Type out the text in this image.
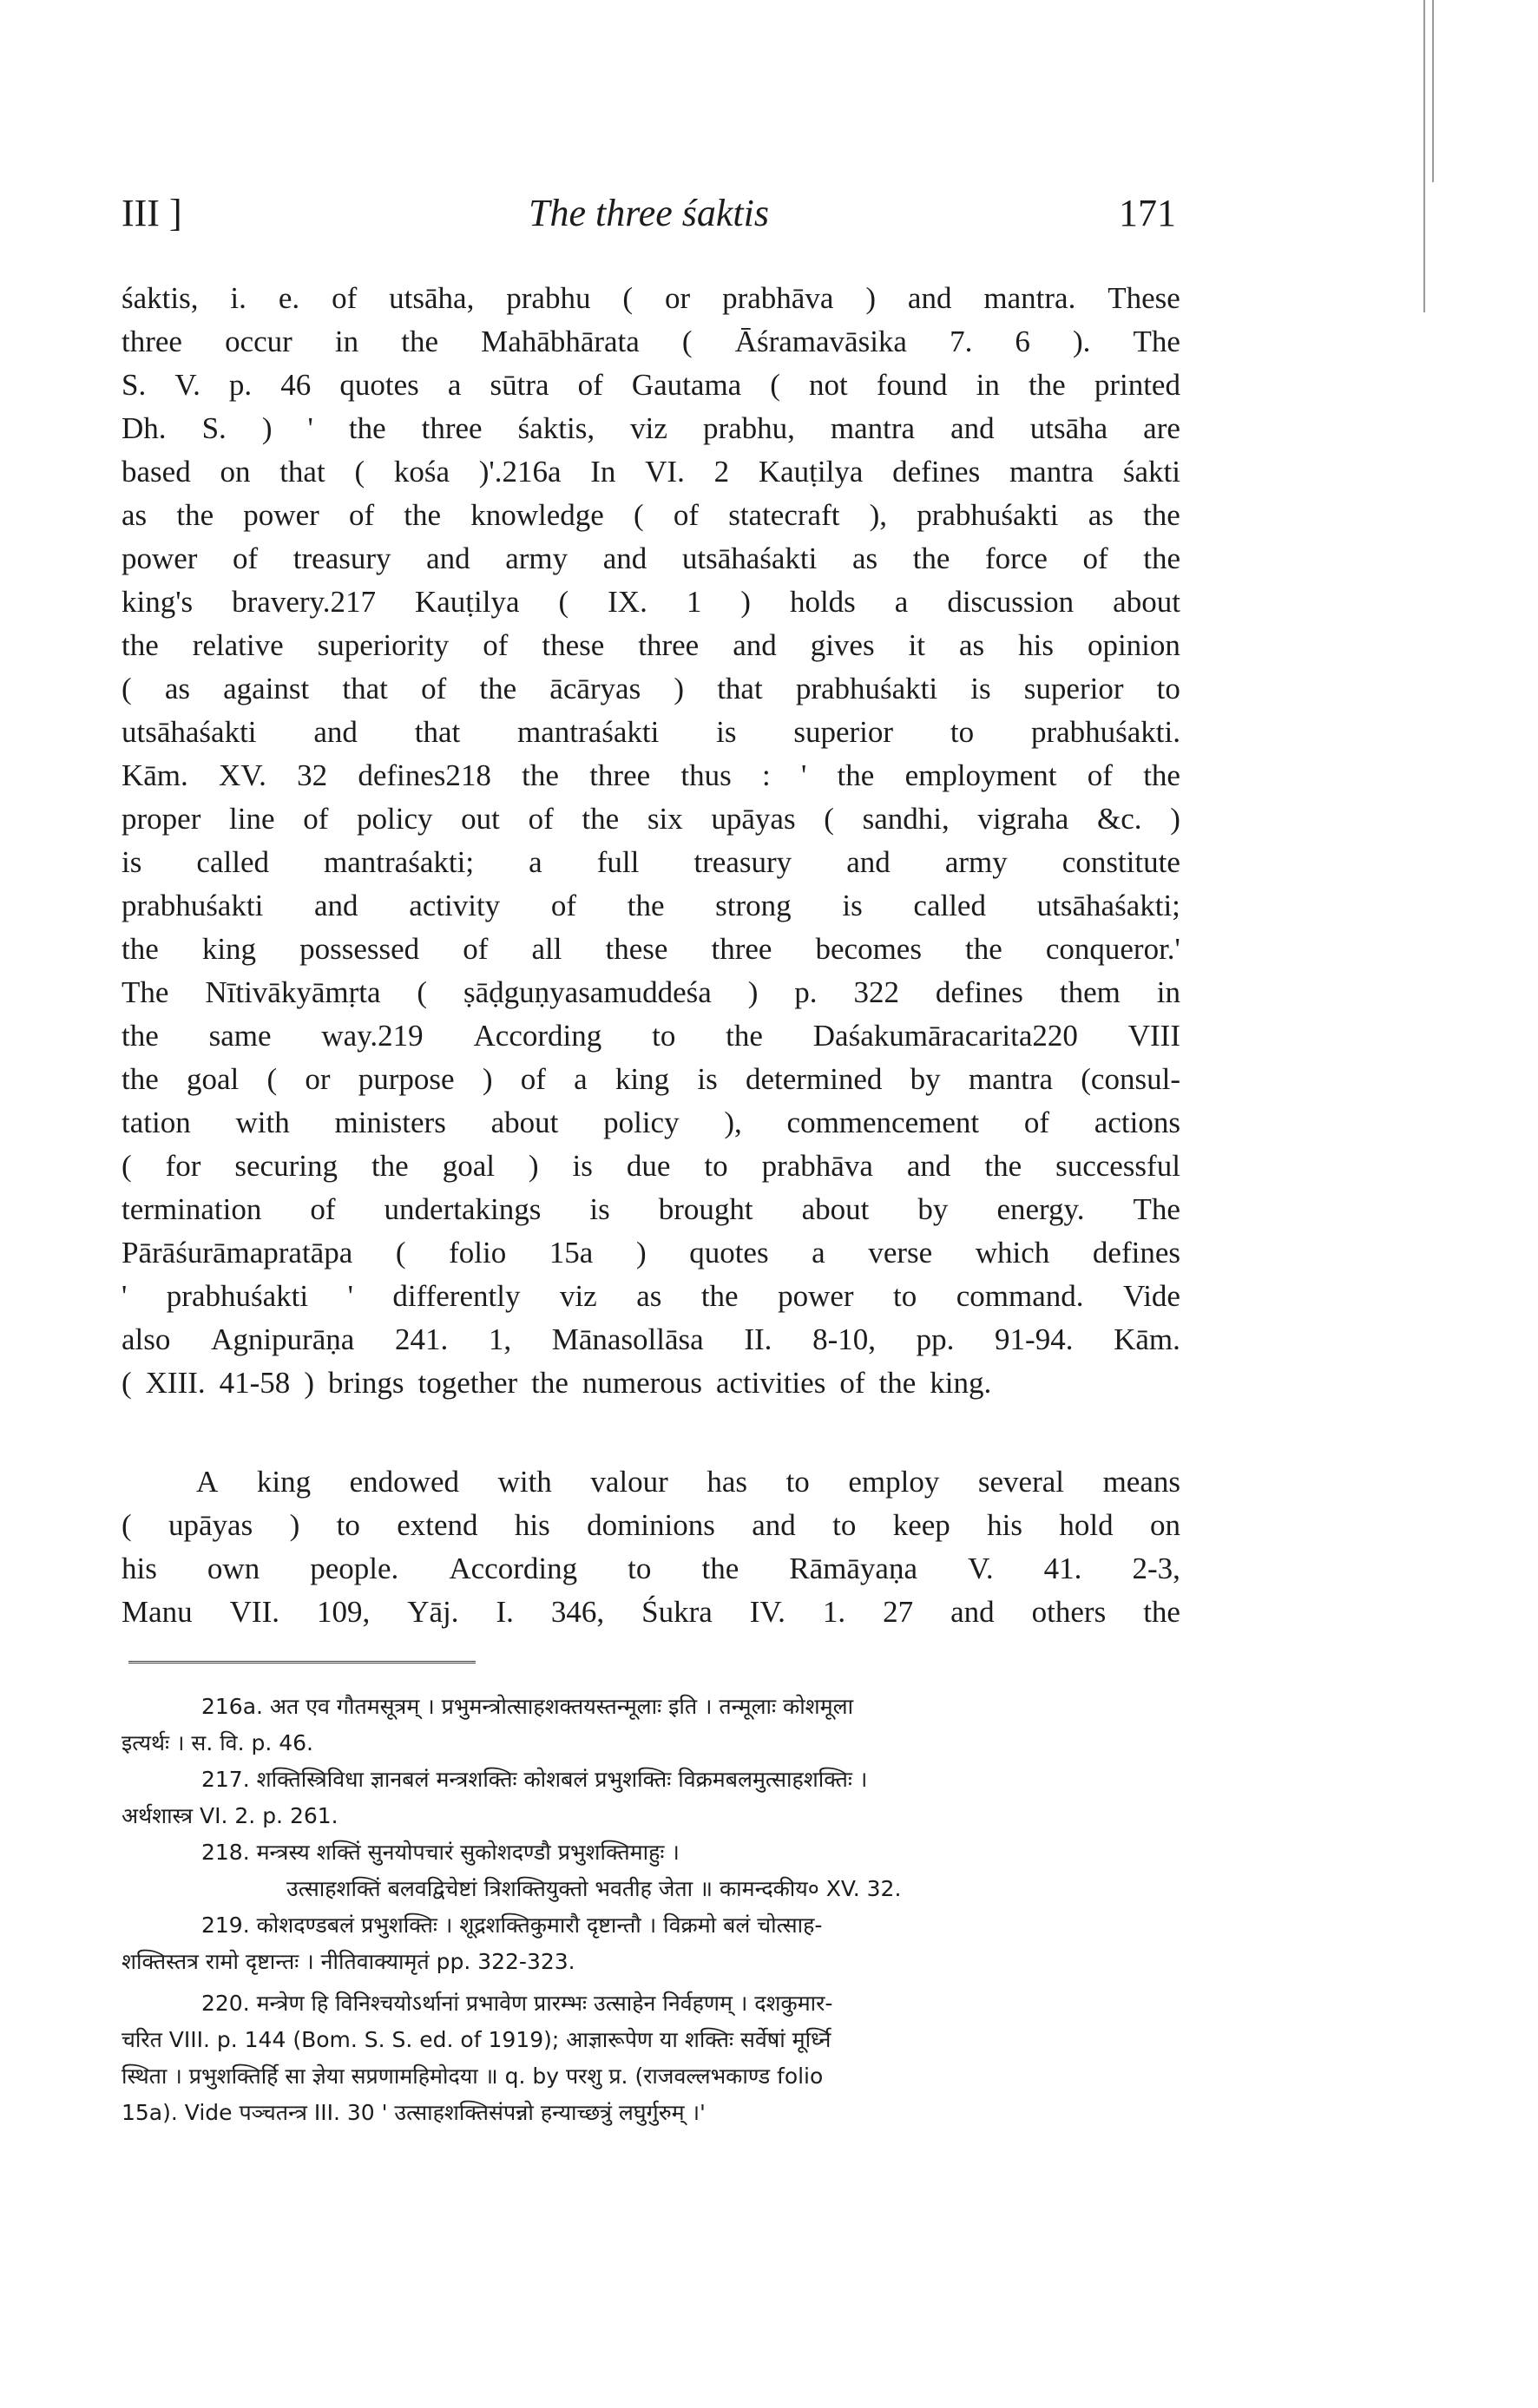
III ]	The three śaktis	171
śaktis, i. e. of utsāha, prabhu ( or prabhāva ) and mantra. These
three occur in the Mahābhārata ( Āśramavāsika 7. 6 ). The
S. V. p. 46 quotes a sūtra of Gautama ( not found in the printed
Dh. S. ) ' the three śaktis, viz prabhu, mantra and utsāha are
based on that ( kośa )'.216a In VI. 2 Kauṭilya defines mantra śakti
as the power of the knowledge ( of statecraft ), prabhuśakti as the
power of treasury and army and utsāhaśakti as the force of the
king's bravery.217 Kauṭilya ( IX. 1 ) holds a discussion about
the relative superiority of these three and gives it as his opinion
( as against that of the ācāryas ) that prabhuśakti is superior to
utsāhaśakti and that mantraśakti is superior to prabhuśakti.
Kām. XV. 32 defines218 the three thus : ' the employment of the
proper line of policy out of the six upāyas ( sandhi, vigraha &c. )
is called mantraśakti; a full treasury and army constitute
prabhuśakti and activity of the strong is called utsāhaśakti;
the king possessed of all these three becomes the conqueror.'
The Nītivākyāmṛta ( ṣāḍguṇyasamuddeśa ) p. 322 defines them in
the same way.219 According to the Daśakumāracarita220 VIII
the goal ( or purpose ) of a king is determined by mantra (consul-
tation with ministers about policy ), commencement of actions
( for securing the goal ) is due to prabhāva and the successful
termination of undertakings is brought about by energy. The
Pārāśurāmapratāpa ( folio 15a ) quotes a verse which defines
' prabhuśakti ' differently viz as the power to command. Vide
also Agnipurāṇa 241. 1, Mānasollāsa II. 8-10, pp. 91-94. Kām.
( XIII. 41-58 ) brings together the numerous activities of the king.
A king endowed with valour has to employ several means
( upāyas ) to extend his dominions and to keep his hold on
his own people. According to the Rāmāyaṇa V. 41. 2-3,
Manu VII. 109, Yāj. I. 346, Śukra IV. 1. 27 and others the
216a. अत एव गौतमसूत्रम् । प्रभुमन्त्रोत्साहशक्तयस्तन्मूलाः इति । तन्मूलाः कोशमूला
इत्यर्थः । स. वि. p. 46.
217. शक्तिस्त्रिविधा ज्ञानबलं मन्त्रशक्तिः कोशबलं प्रभुशक्तिः विक्रमबलमुत्साहशक्तिः ।
अर्थशास्त्र VI. 2. p. 261.
218. मन्त्रस्य शक्तिं सुनयोपचारं सुकोशदण्डौ प्रभुशक्तिमाहुः ।
उत्साहशक्तिं बलवद्विचेष्टां त्रिशक्तियुक्तो भवतीह जेता ॥ कामन्दकीय० XV. 32.
219. कोशदण्डबलं प्रभुशक्तिः । शूद्रशक्तिकुमारौ दृष्टान्तौ । विक्रमो बलं चोत्साह-
शक्तिस्तत्र रामो दृष्टान्तः । नीतिवाक्यामृतं pp. 322-323.
220. मन्त्रेण हि विनिश्चयोऽर्थानां प्रभावेण प्रारम्भः उत्साहेन निर्वहणम् । दशकुमार-
चरित VIII. p. 144 (Bom. S. S. ed. of 1919); आज्ञारूपेण या शक्तिः सर्वेषां मूर्ध्नि
स्थिता । प्रभुशक्तिर्हि सा ज्ञेया सप्रणामहिमोदया ॥ q. by परशु प्र. (राजवल्लभकाण्ड folio
15a). Vide पञ्चतन्त्र III. 30 ' उत्साहशक्तिसंपन्नो हन्याच्छत्रुं लघुर्गुरुम् ।'
